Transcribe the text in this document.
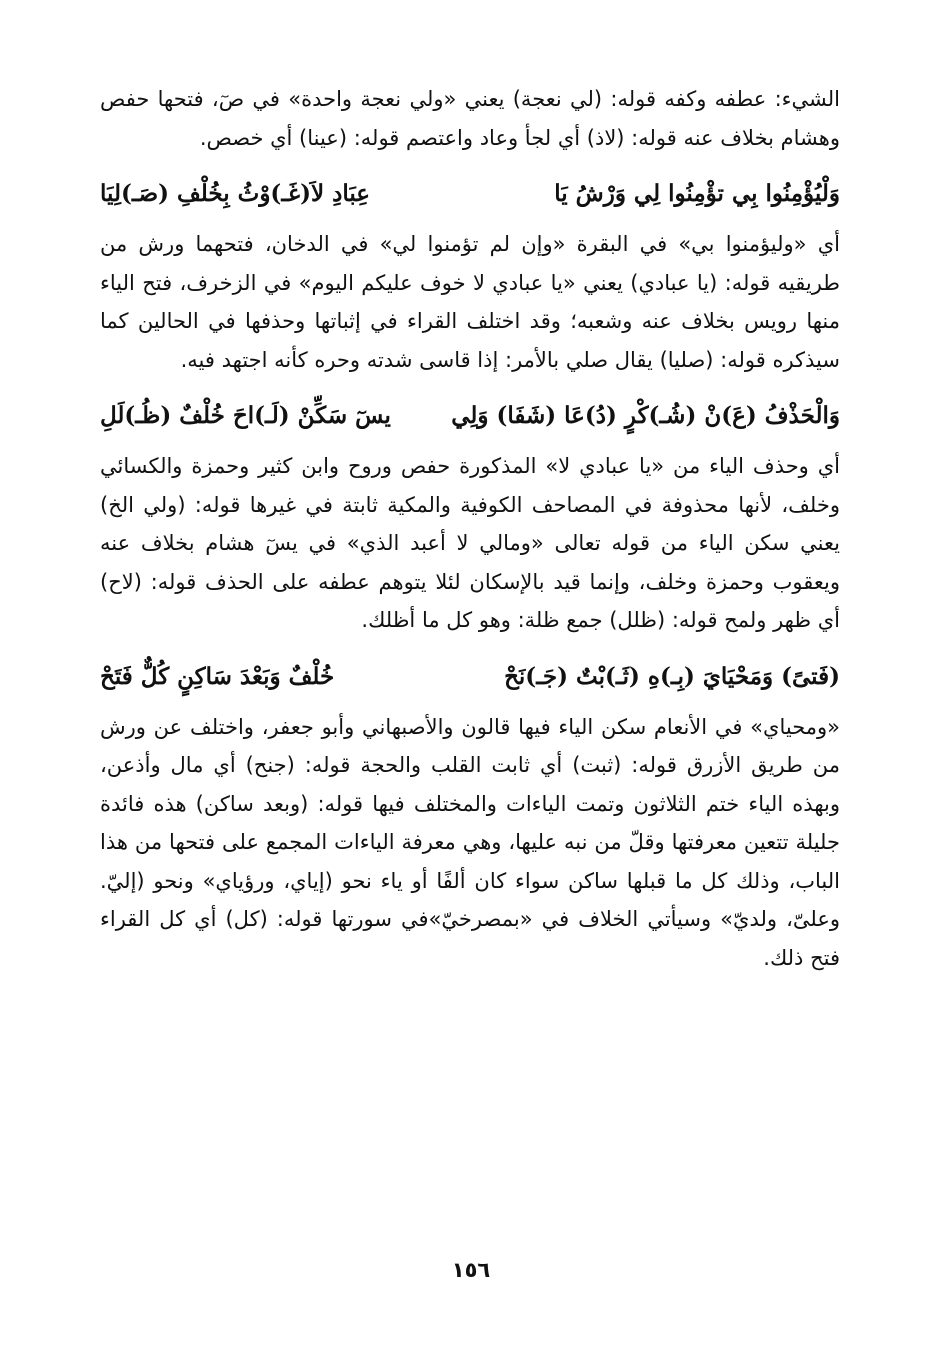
الشيء: عطفه وكفه قوله: (لي نعجة) يعني «ولي نعجة واحدة» في صٓ، فتحها حفص وهشام بخلاف عنه قوله: (لاذ) أي لجأ وعاد واعتصم قوله: (عينا) أي خصص.

وَلْيُؤْمِنُوا بِي تؤْمِنُوا لِي وَرْشُ يَا
عِبَادِ لاَ(غَـ)وْثُ بِخُلْفِ (صَـ)لِيَا

أي «وليؤمنوا بي» في البقرة «وإن لم تؤمنوا لي» في الدخان، فتحهما ورش من طريقيه قوله: (يا عبادي) يعني «يا عبادي لا خوف عليكم اليوم» في الزخرف، فتح الياء منها رويس بخلاف عنه وشعبه؛ وقد اختلف القراء في إثباتها وحذفها في الحالين كما سيذكره قوله: (صليا) يقال صلي بالأمر: إذا قاسى شدته وحره كأنه اجتهد فيه.

وَالْحَذْفُ (عَ)نْ (شُـ)كْرٍ (دُ)عَا (شَفَا) وَلِي
يسٓ سَكِّنْ (لَـ)احَ خُلْفٌ (ظُـ)لَلِ

أي وحذف الياء من «يا عبادي لا» المذكورة حفص وروح وابن كثير وحمزة والكسائي وخلف، لأنها محذوفة في المصاحف الكوفية والمكية ثابتة في غيرها قوله: (ولي الخ) يعني سكن الياء من قوله تعالى «ومالي لا أعبد الذي» في يسٓ هشام بخلاف عنه ويعقوب وحمزة وخلف، وإنما قيد بالإسكان لئلا يتوهم عطفه على الحذف قوله: (لاح) أي ظهر ولمح قوله: (ظلل) جمع ظلة: وهو كل ما أظلك.

(فَتىً) وَمَحْيَايَ (بِـ)هِ (ثَـ)بْتٌ (جَـ)نَحْ
خُلْفٌ وَبَعْدَ سَاكِنٍ كُلٌّ فَتَحْ

«ومحياي» في الأنعام سكن الياء فيها قالون والأصبهاني وأبو جعفر، واختلف عن ورش من طريق الأزرق قوله: (ثبت) أي ثابت القلب والحجة قوله: (جنح) أي مال وأذعن، وبهذه الياء ختم الثلاثون وتمت الياءات والمختلف فيها قوله: (وبعد ساكن) هذه فائدة جليلة تتعين معرفتها وقلّ من نبه عليها، وهي معرفة الياءات المجمع على فتحها من هذا الباب، وذلك كل ما قبلها ساكن سواء كان ألفًا أو ياء نحو (إياي، ورؤياي» ونحو (إليّ. وعلىّ، ولديّ» وسيأتي الخلاف في «بمصرخيّ»في سورتها قوله: (كل) أي كل القراء فتح ذلك.

١٥٦
